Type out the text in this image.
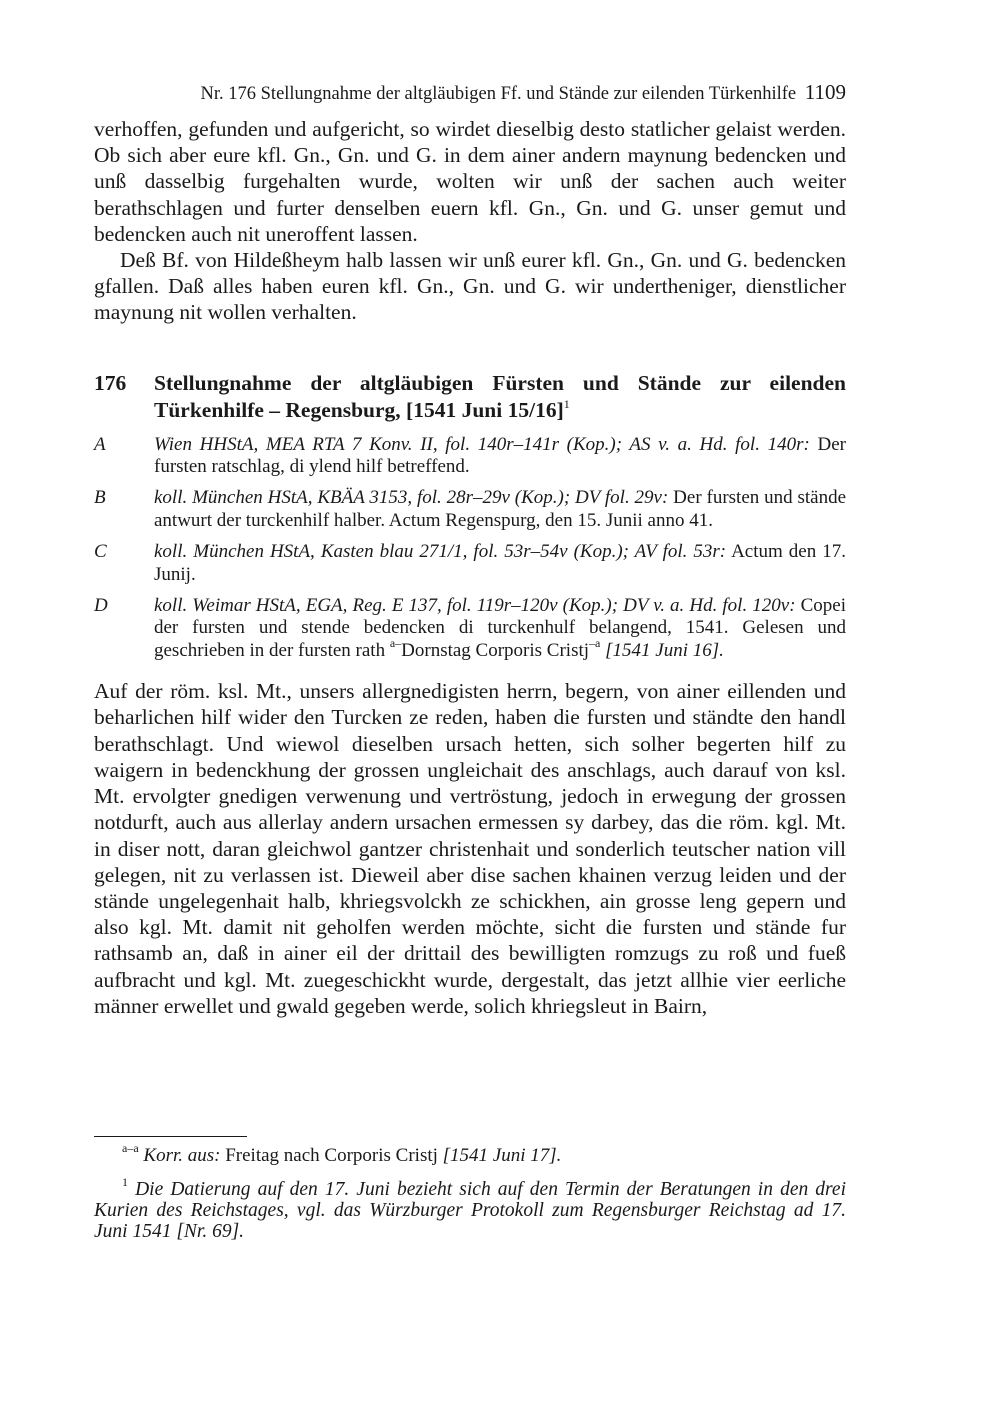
Nr. 176 Stellungnahme der altgläubigen Ff. und Stände zur eilenden Türkenhilfe 1109

verhoffen, gefunden und aufgericht, so wirdet dieselbig desto statlicher gelaist werden. Ob sich aber eure kfl. Gn., Gn. und G. in dem ainer andern maynung bedencken und unß dasselbig furgehalten wurde, wolten wir unß der sachen auch weiter berathschlagen und furter denselben euern kfl. Gn., Gn. und G. unser gemut und bedencken auch nit uneroffent lassen.

Deß Bf. von Hildeßheym halb lassen wir unß eurer kfl. Gn., Gn. und G. bedencken gfallen. Daß alles haben euren kfl. Gn., Gn. und G. wir undertheniger, dienstlicher maynung nit wollen verhalten.

176	Stellungnahme der altgläubigen Fürsten und Stände zur eilenden Türkenhilfe – Regensburg, [1541 Juni 15/16]$^1$
A	Wien HHStA, MEA RTA 7 Konv. II, fol. 140r–141r (Kop.); AS v. a. Hd. fol. 140r: Der fursten ratschlag, di ylend hilf betreffend.
B	koll. München HStA, KBÄA 3153, fol. 28r–29v (Kop.); DV fol. 29v: Der fursten und stände antwurt der turckenhilf halber. Actum Regenspurg, den 15. Junii anno 41.
C	koll. München HStA, Kasten blau 271/1, fol. 53r–54v (Kop.); AV fol. 53r: Actum den 17. Junij.
D	koll. Weimar HStA, EGA, Reg. E 137, fol. 119r–120v (Kop.); DV v. a. Hd. fol. 120v: Copei der fursten und stende bedencken di turckenhulf belangend, 1541. Gelesen und geschrieben in der fursten rath $^{a-}$Dornstag Corporis Cristj$^{-a}$ [1541 Juni 16].

Auf der röm. ksl. Mt., unsers allergnedigisten herrn, begern, von ainer eillenden und beharlichen hilf wider den Turcken ze reden, haben die fursten und ständte den handl berathschlagt. Und wiewol dieselben ursach hetten, sich solher begerten hilf zu waigern in bedenckhung der grossen ungleichait des anschlags, auch darauf von ksl. Mt. ervolgter gnedigen verwenung und vertröstung, jedoch in erwegung der grossen notdurft, auch aus allerlay andern ursachen ermessen sy darbey, das die röm. kgl. Mt. in diser nott, daran gleichwol gantzer christenhait und sonderlich teutscher nation vill gelegen, nit zu verlassen ist. Dieweil aber dise sachen khainen verzug leiden und der stände ungelegenhait halb, khriegsvolckh ze schickhen, ain grosse leng gepern und also kgl. Mt. damit nit geholfen werden möchte, sicht die fursten und stände fur rathsamb an, daß in ainer eil der drittail des bewilligten romzugs zu roß und fueß aufbracht und kgl. Mt. zuegeschickht wurde, dergestalt, das jetzt allhie vier eerliche männer erwellet und gwald gegeben werde, solich khriegsleut in Bairn,

$^{a-a}$ Korr. aus: Freitag nach Corporis Cristj [1541 Juni 17].
$^1$ Die Datierung auf den 17. Juni bezieht sich auf den Termin der Beratungen in den drei Kurien des Reichstages, vgl. das Würzburger Protokoll zum Regensburger Reichstag ad 17. Juni 1541 [Nr. 69].
